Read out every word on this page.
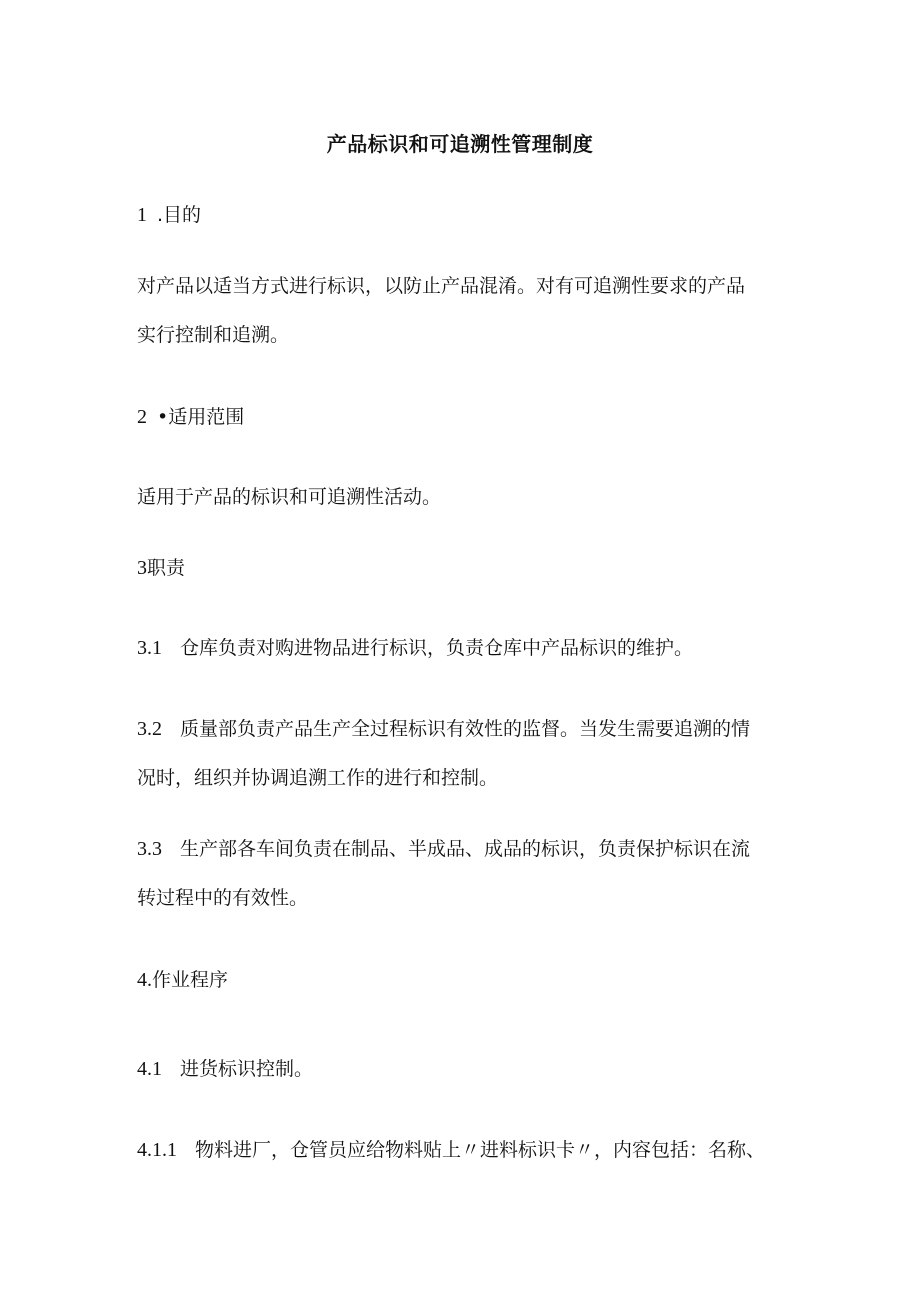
产品标识和可追溯性管理制度
1 .目的
对产品以适当方式进行标识，以防止产品混淆。对有可追溯性要求的产品
实行控制和追溯。
2 •适用范围
适用于产品的标识和可追溯性活动。
3职责
3.1 仓库负责对购进物品进行标识，负责仓库中产品标识的维护。
3.2 质量部负责产品生产全过程标识有效性的监督。当发生需要追溯的情
况时，组织并协调追溯工作的进行和控制。
3.3 生产部各车间负责在制品、半成品、成品的标识，负责保护标识在流
转过程中的有效性。
4.作业程序
4.1 进货标识控制。
4.1.1 物料进厂，仓管员应给物料贴上〃进料标识卡〃，内容包括：名称、
